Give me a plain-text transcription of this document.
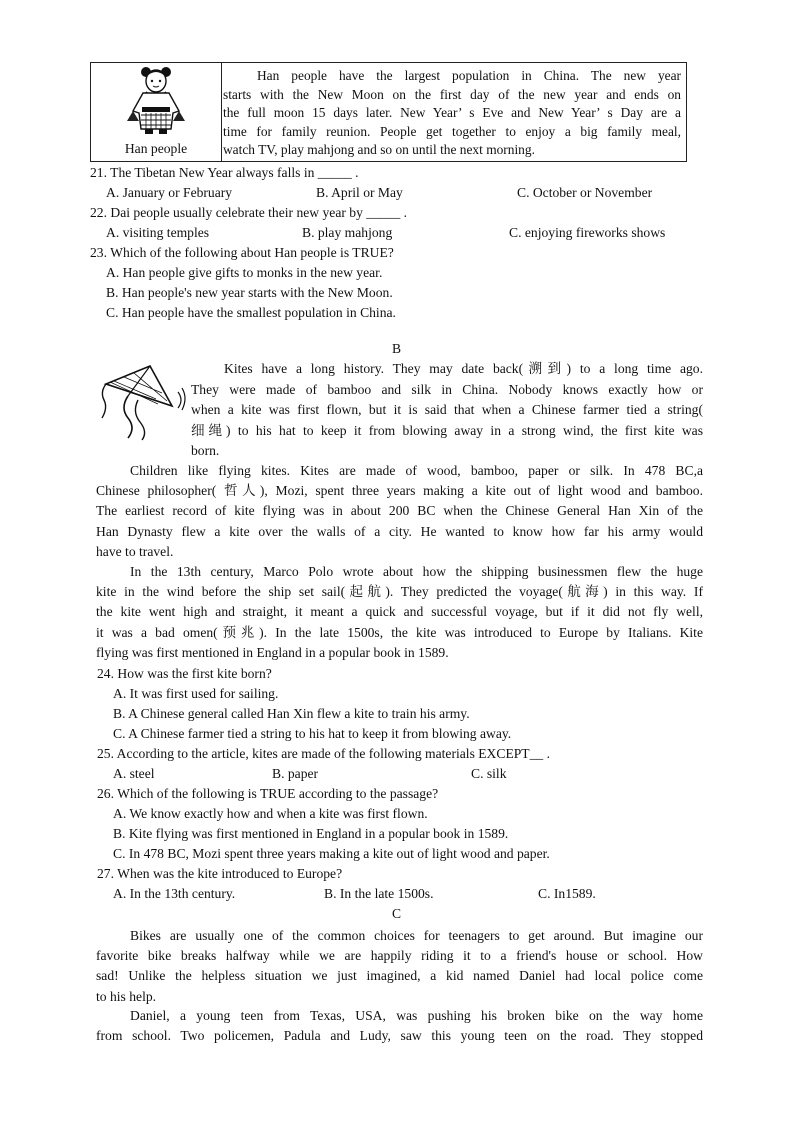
Han people
Han people have the largest population in China. The new year
starts with the New Moon on the first day of the new year and ends on
the full moon 15 days later. New Year’ s Eve and New Year’ s Day are a
time for family reunion. People get together to enjoy a big family meal,
watch TV, play mahjong and so on until the next morning.
21. The Tibetan New Year always falls in _____ .
A. January or February	B. April or May	C. October or November
22. Dai people usually celebrate their new year by _____ .
A. visiting temples	B. play mahjong	C. enjoying fireworks shows
23. Which of the following about Han people is TRUE?
A. Han people give gifts to monks in the new year.
B. Han people's new year starts with the New Moon.
C. Han people have the smallest population in China.
B
Kites have a long history. They may date back(溯到) to a long time ago.
They were made of bamboo and silk in China. Nobody knows exactly how or
when a kite was first flown, but it is said that when a Chinese farmer tied a string(
细绳) to his hat to keep it from blowing away in a strong wind, the first kite was
born.
Children like flying kites. Kites are made of wood, bamboo, paper or silk. In 478 BC,a
Chinese philosopher( 哲人), Mozi, spent three years making a kite out of light wood and bamboo.
The earliest record of kite flying was in about 200 BC when the Chinese General Han Xin of the
Han Dynasty flew a kite over the walls of a city. He wanted to know how far his army would
have to travel.
In the 13th century, Marco Polo wrote about how the shipping businessmen flew the huge
kite in the wind before the ship set sail(起航). They predicted the voyage(航海) in this way. If
the kite went high and straight, it meant a quick and successful voyage, but if it did not fly well,
it was a bad omen(预兆). In the late 1500s, the kite was introduced to Europe by Italians. Kite
flying was first mentioned in England in a popular book in 1589.
24. How was the first kite born?
A. It was first used for sailing.
B. A Chinese general called Han Xin flew a kite to train his army.
C. A Chinese farmer tied a string to his hat to keep it from blowing away.
25. According to the article, kites are made of the following materials EXCEPT__ .
A. steel	B. paper	C. silk
26. Which of the following is TRUE according to the passage?
A. We know exactly how and when a kite was first flown.
B. Kite flying was first mentioned in England in a popular book in 1589.
C. In 478 BC, Mozi spent three years making a kite out of light wood and paper.
27. When was the kite introduced to Europe?
A. In the 13th century.	B. In the late 1500s.	C. In1589.
C
Bikes are usually one of the common choices for teenagers to get around. But imagine our
favorite bike breaks halfway while we are happily riding it to a friend's house or school. How
sad! Unlike the helpless situation we just imagined, a kid named Daniel had local police come
to his help.
Daniel, a young teen from Texas, USA, was pushing his broken bike on the way home
from school. Two policemen, Padula and Ludy, saw this young teen on the road. They stopped
